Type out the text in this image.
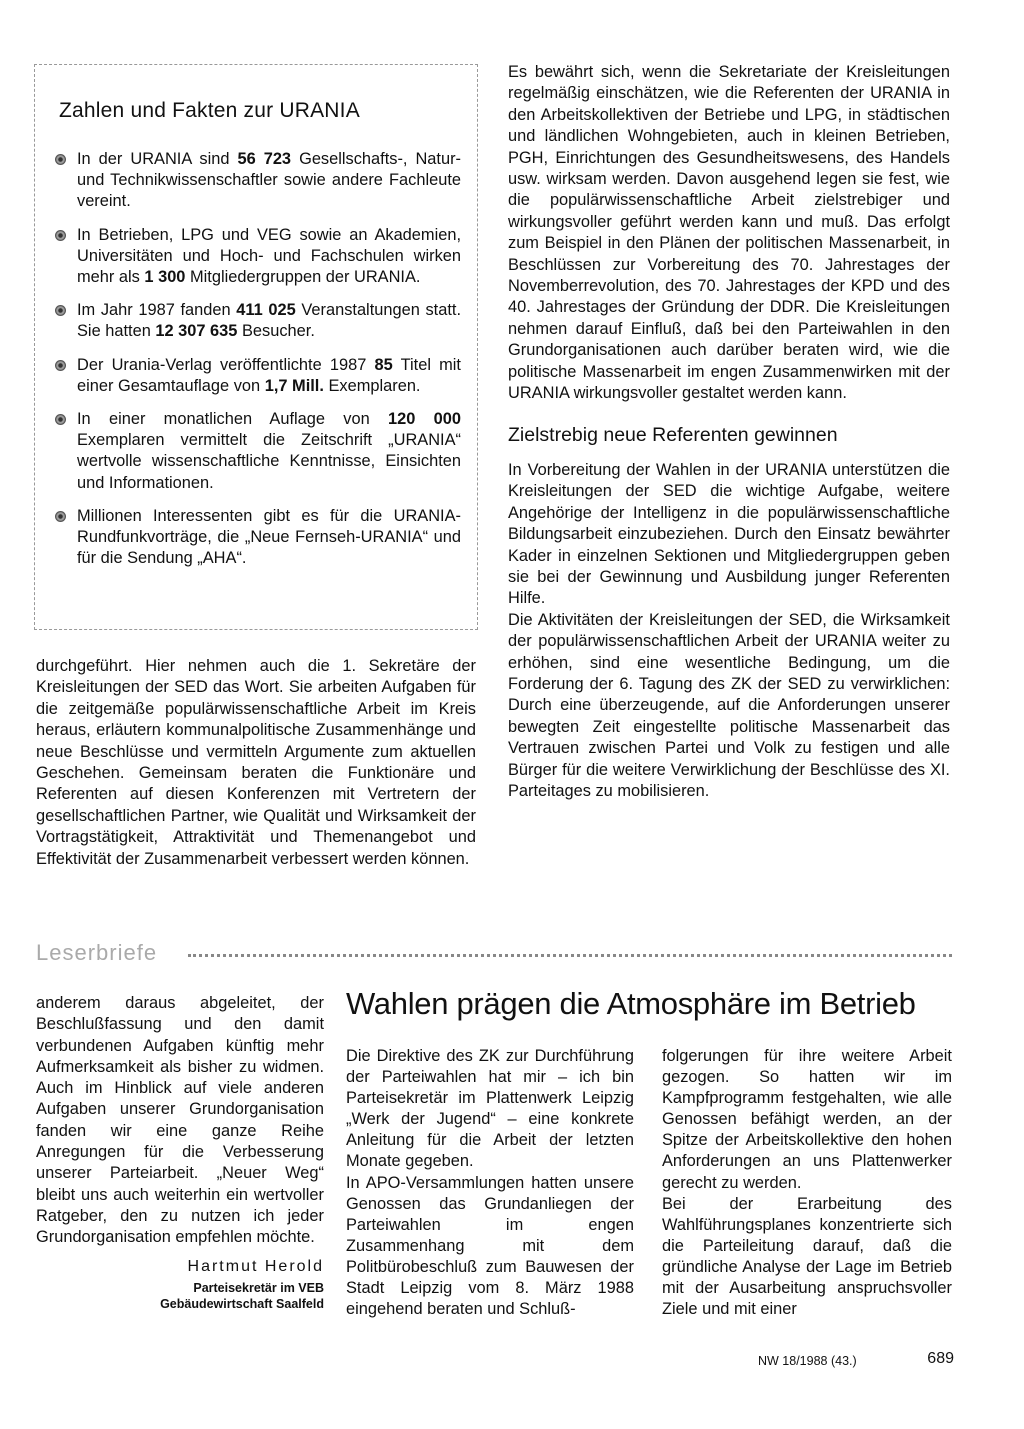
Zahlen und Fakten zur URANIA
In der URANIA sind 56 723 Gesellschafts-, Natur- und Technikwissenschaftler sowie andere Fachleute vereint.
In Betrieben, LPG und VEG sowie an Akademien, Universitäten und Hoch- und Fachschulen wirken mehr als 1 300 Mitgliedergruppen der URANIA.
Im Jahr 1987 fanden 411 025 Veranstaltungen statt. Sie hatten 12 307 635 Besucher.
Der Urania-Verlag veröffentlichte 1987 85 Titel mit einer Gesamtauflage von 1,7 Mill. Exemplaren.
In einer monatlichen Auflage von 120 000 Exemplaren vermittelt die Zeitschrift „URANIA“ wertvolle wissenschaftliche Kenntnisse, Einsichten und Informationen.
Millionen Interessenten gibt es für die URANIA-Rundfunkvorträge, die „Neue Fernseh-URANIA“ und für die Sendung „AHA“.

Es bewährt sich, wenn die Sekretariate der Kreisleitungen regelmäßig einschätzen, wie die Referenten der URANIA in den Arbeitskollektiven der Betriebe und LPG, in städtischen und ländlichen Wohngebieten, auch in kleinen Betrieben, PGH, Einrichtungen des Gesundheitswesens, des Handels usw. wirksam werden. Davon ausgehend legen sie fest, wie die populärwissenschaftliche Arbeit zielstrebiger und wirkungsvoller geführt werden kann und muß. Das erfolgt zum Beispiel in den Plänen der politischen Massenarbeit, in Beschlüssen zur Vorbereitung des 70. Jahrestages der Novemberrevolution, des 70. Jahrestages der KPD und des 40. Jahrestages der Gründung der DDR. Die Kreisleitungen nehmen darauf Einfluß, daß bei den Parteiwahlen in den Grundorganisationen auch darüber beraten wird, wie die politische Massenarbeit im engen Zusammenwirken mit der URANIA wirkungsvoller gestaltet werden kann.

Zielstrebig neue Referenten gewinnen

In Vorbereitung der Wahlen in der URANIA unterstützen die Kreisleitungen der SED die wichtige Aufgabe, weitere Angehörige der Intelligenz in die populärwissenschaftliche Bildungsarbeit einzubeziehen. Durch den Einsatz bewährter Kader in einzelnen Sektionen und Mitgliedergruppen geben sie bei der Gewinnung und Ausbildung junger Referenten Hilfe.

Die Aktivitäten der Kreisleitungen der SED, die Wirksamkeit der populärwissenschaftlichen Arbeit der URANIA weiter zu erhöhen, sind eine wesentliche Bedingung, um die Forderung der 6. Tagung des ZK der SED zu verwirklichen: Durch eine überzeugende, auf die Anforderungen unserer bewegten Zeit eingestellte politische Massenarbeit das Vertrauen zwischen Partei und Volk zu festigen und alle Bürger für die weitere Verwirklichung der Beschlüsse des XI. Parteitages zu mobilisieren.

durchgeführt. Hier nehmen auch die 1. Sekretäre der Kreisleitungen der SED das Wort. Sie arbeiten Aufgaben für die zeitgemäße populärwissenschaftliche Arbeit im Kreis heraus, erläutern kommunalpolitische Zusammenhänge und neue Beschlüsse und vermitteln Argumente zum aktuellen Geschehen. Gemeinsam beraten die Funktionäre und Referenten auf diesen Konferenzen mit Vertretern der gesellschaftlichen Partner, wie Qualität und Wirksamkeit der Vortragstätigkeit, Attraktivität und Themenangebot und Effektivität der Zusammenarbeit verbessert werden können.

Leserbriefe
anderem daraus abgeleitet, der Beschlußfassung und den damit verbundenen Aufgaben künftig mehr Aufmerksamkeit als bisher zu widmen. Auch im Hinblick auf viele anderen Aufgaben unserer Grundorganisation fanden wir eine ganze Reihe Anregungen für die Verbesserung unserer Parteiarbeit. „Neuer Weg“ bleibt uns auch weiterhin ein wertvoller Ratgeber, den zu nutzen ich jeder Grundorganisation empfehlen möchte.
Hartmut Herold
Parteisekretär im VEB
Gebäudewirtschaft Saalfeld
Wahlen prägen die Atmosphäre im Betrieb

Die Direktive des ZK zur Durchführung der Parteiwahlen hat mir – ich bin Parteisekretär im Plattenwerk Leipzig „Werk der Jugend“ – eine konkrete Anleitung für die Arbeit der letzten Monate gegeben.

In APO-Versammlungen hatten unsere Genossen das Grundanliegen der Parteiwahlen im engen Zusammenhang mit dem Politbürobeschluß zum Bauwesen der Stadt Leipzig vom 8. März 1988 eingehend beraten und Schluß-

folgerungen für ihre weitere Arbeit gezogen. So hatten wir im Kampfprogramm festgehalten, wie alle Genossen befähigt werden, an der Spitze der Arbeitskollektive den hohen Anforderungen an uns Plattenwerker gerecht zu werden.

Bei der Erarbeitung des Wahlführungsplanes konzentrierte sich die Parteileitung darauf, daß die gründliche Analyse der Lage im Betrieb mit der Ausarbeitung anspruchsvoller Ziele und mit einer

NW 18/1988 (43.)	689
